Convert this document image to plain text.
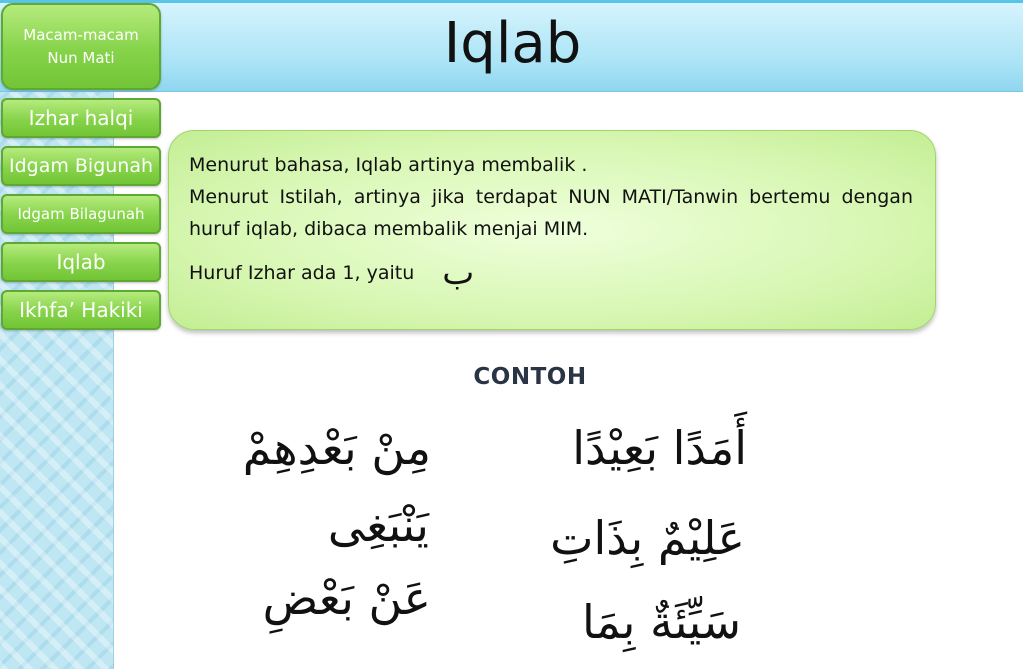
Iqlab
Macam-macam
Nun Mati
Izhar halqi
Idgam Bigunah
Idgam Bilagunah
Iqlab
Ikhfa’ Hakiki
Menurut bahasa, Iqlab artinya membalik .
Menurut Istilah, artinya jika terdapat NUN MATI/Tanwin bertemu dengan huruf iqlab, dibaca membalik menjai MIM.
Huruf Izhar ada 1, yaitu ب
CONTOH
مِنْ بَعْدِهِمْ
يَنْبَغِى
عَنْ بَعْضِ
أَمَدًا بَعِيْدًا
عَلِيْمٌ بِذَاتِ
سَيِّئَةٌ بِمَا
